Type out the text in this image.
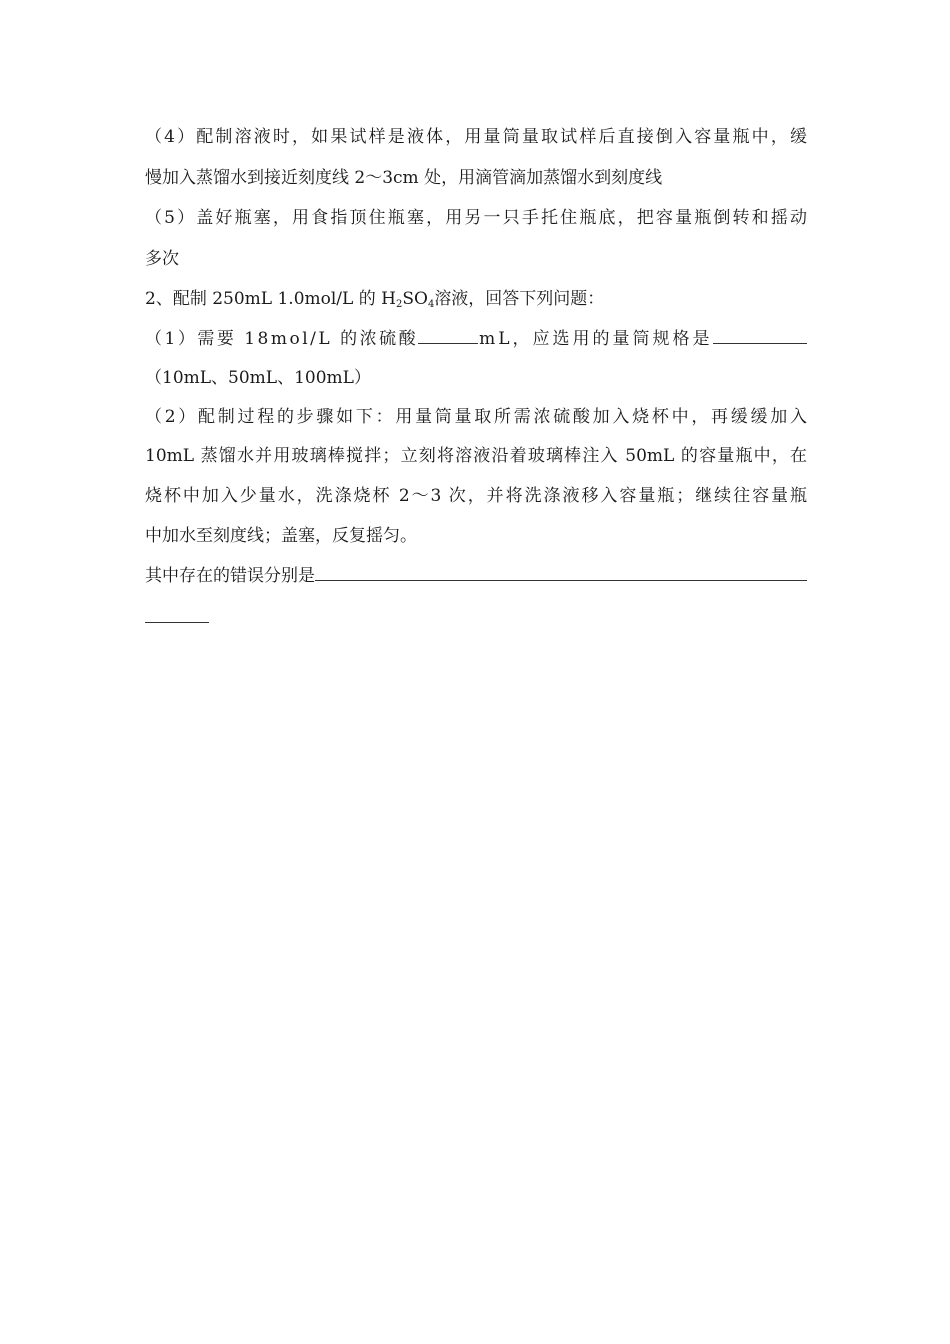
（4）配制溶液时，如果试样是液体，用量筒量取试样后直接倒入容量瓶中，缓
慢加入蒸馏水到接近刻度线 2～3cm 处，用滴管滴加蒸馏水到刻度线
（5）盖好瓶塞，用食指顶住瓶塞，用另一只手托住瓶底，把容量瓶倒转和摇动
多次
2、配制 250mL 1.0mol/L 的 $H_2SO_4$溶液，回答下列问题：
（1）需要 18mol/L 的浓硫酸	mL，应选用的量筒规格是
（10mL、50mL、100mL）
（2）配制过程的步骤如下：用量筒量取所需浓硫酸加入烧杯中，再缓缓加入
10mL 蒸馏水并用玻璃棒搅拌；立刻将溶液沿着玻璃棒注入 50mL 的容量瓶中，在
烧杯中加入少量水，洗涤烧杯 2～3 次，并将洗涤液移入容量瓶；继续往容量瓶
中加水至刻度线；盖塞，反复摇匀。
其中存在的错误分别是
